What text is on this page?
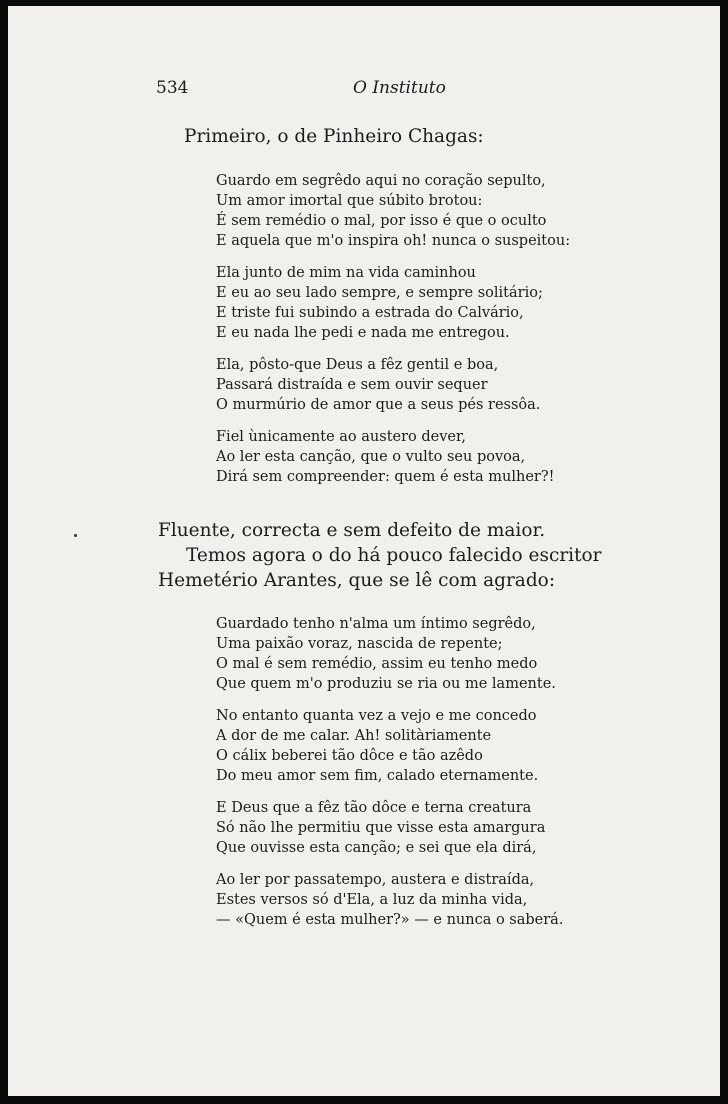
534	O Instituto

Primeiro, o de Pinheiro Chagas:

Guardo em segrêdo aqui no coração sepulto,
Um amor imortal que súbito brotou:
É sem remédio o mal, por isso é que o oculto
E aquela que m'o inspira oh! nunca o suspeitou:
Ela junto de mim na vida caminhou
E eu ao seu lado sempre, e sempre solitário;
E triste fui subindo a estrada do Calvário,
E eu nada lhe pedi e nada me entregou.
Ela, pôsto-que Deus a fêz gentil e boa,
Passará distraída e sem ouvir sequer
O murmúrio de amor que a seus pés ressôa.
Fiel ùnicamente ao austero dever,
Ao ler esta canção, que o vulto seu povoa,
Dirá sem compreender: quem é esta mulher?!

Fluente, correcta e sem defeito de maior.

Temos agora o do há pouco falecido escritor Hemetério Arantes, que se lê com agrado:

Guardado tenho n'alma um íntimo segrêdo,
Uma paixão voraz, nascida de repente;
O mal é sem remédio, assim eu tenho medo
Que quem m'o produziu se ria ou me lamente.
No entanto quanta vez a vejo e me concedo
A dor de me calar. Ah! solitàriamente
O cálix beberei tão dôce e tão azêdo
Do meu amor sem fim, calado eternamente.
E Deus que a fêz tão dôce e terna creatura
Só não lhe permitiu que visse esta amargura
Que ouvisse esta canção; e sei que ela dirá,
Ao ler por passatempo, austera e distraída,
Estes versos só d'Ela, a luz da minha vida,
— «Quem é esta mulher?» — e nunca o saberá.
